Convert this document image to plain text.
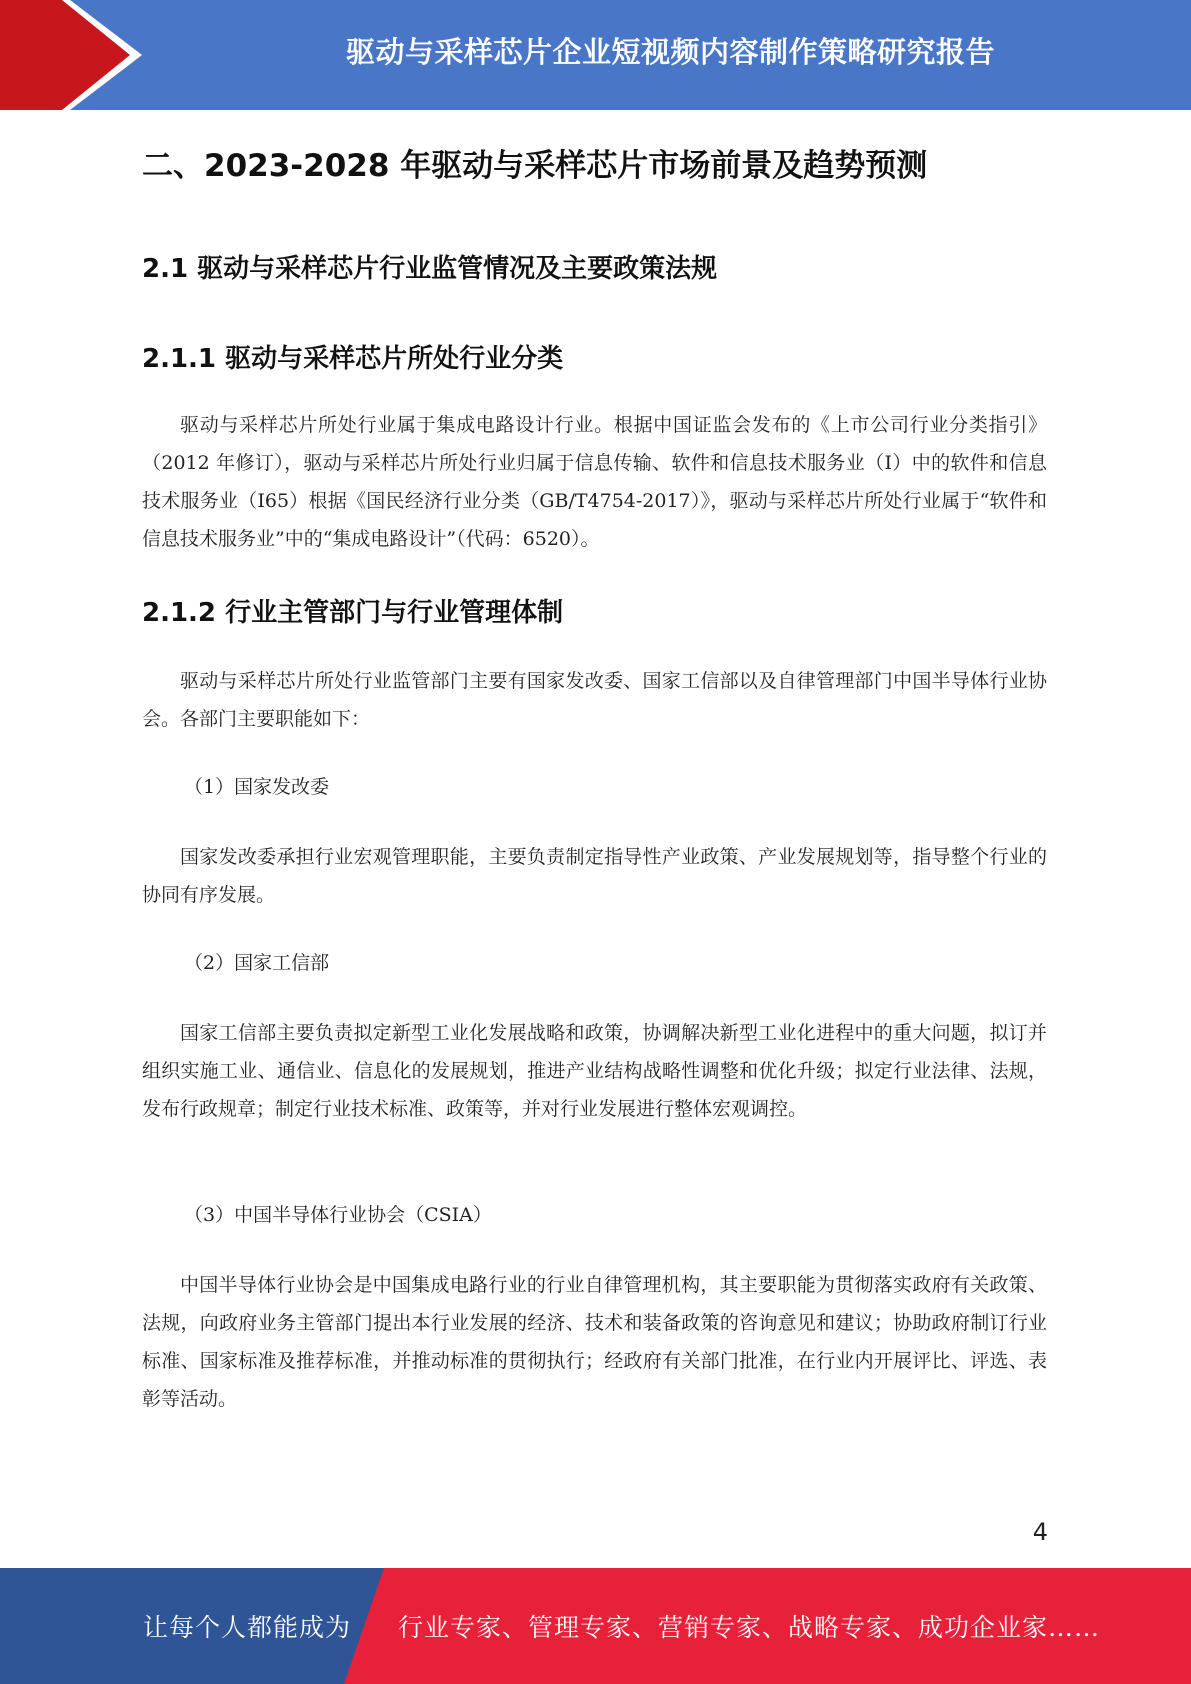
驱动与采样芯片企业短视频内容制作策略研究报告
二、2023-2028 年驱动与采样芯片市场前景及趋势预测
2.1 驱动与采样芯片行业监管情况及主要政策法规
2.1.1 驱动与采样芯片所处行业分类

驱动与采样芯片所处行业属于集成电路设计行业。根据中国证监会发布的《上市公司行业分类指引》（2012 年修订），驱动与采样芯片所处行业归属于信息传输、软件和信息技术服务业（I）中的软件和信息技术服务业（I65）根据《国民经济行业分类（GB/T4754-2017）》，驱动与采样芯片所处行业属于“软件和信息技术服务业”中的“集成电路设计”（代码：6520）。

2.1.2 行业主管部门与行业管理体制

驱动与采样芯片所处行业监管部门主要有国家发改委、国家工信部以及自律管理部门中国半导体行业协会。各部门主要职能如下：

（1）国家发改委

国家发改委承担行业宏观管理职能，主要负责制定指导性产业政策、产业发展规划等，指导整个行业的协同有序发展。

（2）国家工信部

国家工信部主要负责拟定新型工业化发展战略和政策，协调解决新型工业化进程中的重大问题，拟订并组织实施工业、通信业、信息化的发展规划，推进产业结构战略性调整和优化升级；拟定行业法律、法规，发布行政规章；制定行业技术标准、政策等，并对行业发展进行整体宏观调控。

（3）中国半导体行业协会（CSIA）

中国半导体行业协会是中国集成电路行业的行业自律管理机构，其主要职能为贯彻落实政府有关政策、法规，向政府业务主管部门提出本行业发展的经济、技术和装备政策的咨询意见和建议；协助政府制订行业标准、国家标准及推荐标准，并推动标准的贯彻执行；经政府有关部门批准，在行业内开展评比、评选、表彰等活动。

4
让每个人都能成为 行业专家、管理专家、营销专家、战略专家、成功企业家……
